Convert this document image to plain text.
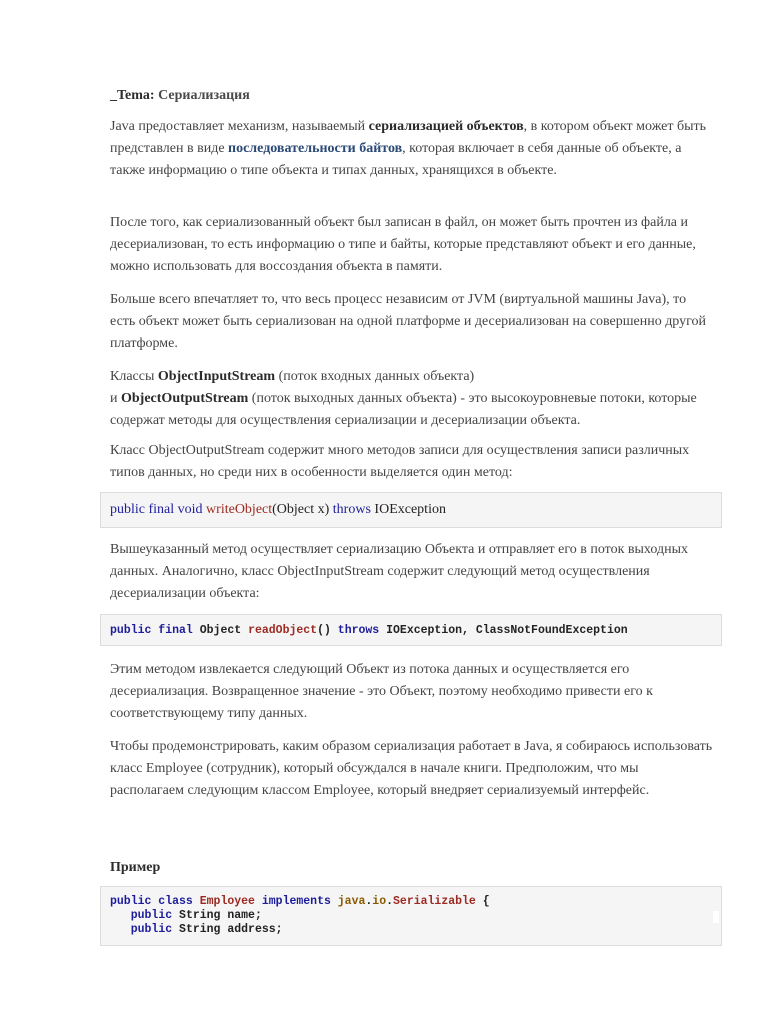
_Tema: Сериализация

Java предоставляет механизм, называемый сериализацией объектов, в котором объект может быть представлен в виде последовательности байтов, которая включает в себя данные об объекте, а также информацию о типе объекта и типах данных, хранящихся в объекте.

После того, как сериализованный объект был записан в файл, он может быть прочтен из файла и десериализован, то есть информацию о типе и байты, которые представляют объект и его данные, можно использовать для воссоздания объекта в памяти.

Больше всего впечатляет то, что весь процесс независим от JVM (виртуальной машины Java), то есть объект может быть сериализован на одной платформе и десериализован на совершенно другой платформе.

Классы ObjectInputStream (поток входных данных объекта)
и ObjectOutputStream (поток выходных данных объекта) - это высокоуровневые потоки, которые содержат методы для осуществления сериализации и десериализации объекта.

Класс ObjectOutputStream содержит много методов записи для осуществления записи различных типов данных, но среди них в особенности выделяется один метод:

public final void writeObject(Object x) throws IOException

Вышеуказанный метод осуществляет сериализацию Объекта и отправляет его в поток выходных данных. Аналогично, класс ObjectInputStream содержит следующий метод осуществления десериализации объекта:

public final Object readObject() throws IOException, ClassNotFoundException

Этим методом извлекается следующий Объект из потока данных и осуществляется его десериализация. Возвращенное значение - это Объект, поэтому необходимо привести его к соответствующему типу данных.

Чтобы продемонстрировать, каким образом сериализация работает в Java, я собираюсь использовать класс Employee (сотрудник), который обсуждался в начале книги. Предположим, что мы располагаем следующим классом Employee, который внедряет сериализуемый интерфейс.

Пример
public class Employee implements java.io.Serializable {
public String name;
public String address;
